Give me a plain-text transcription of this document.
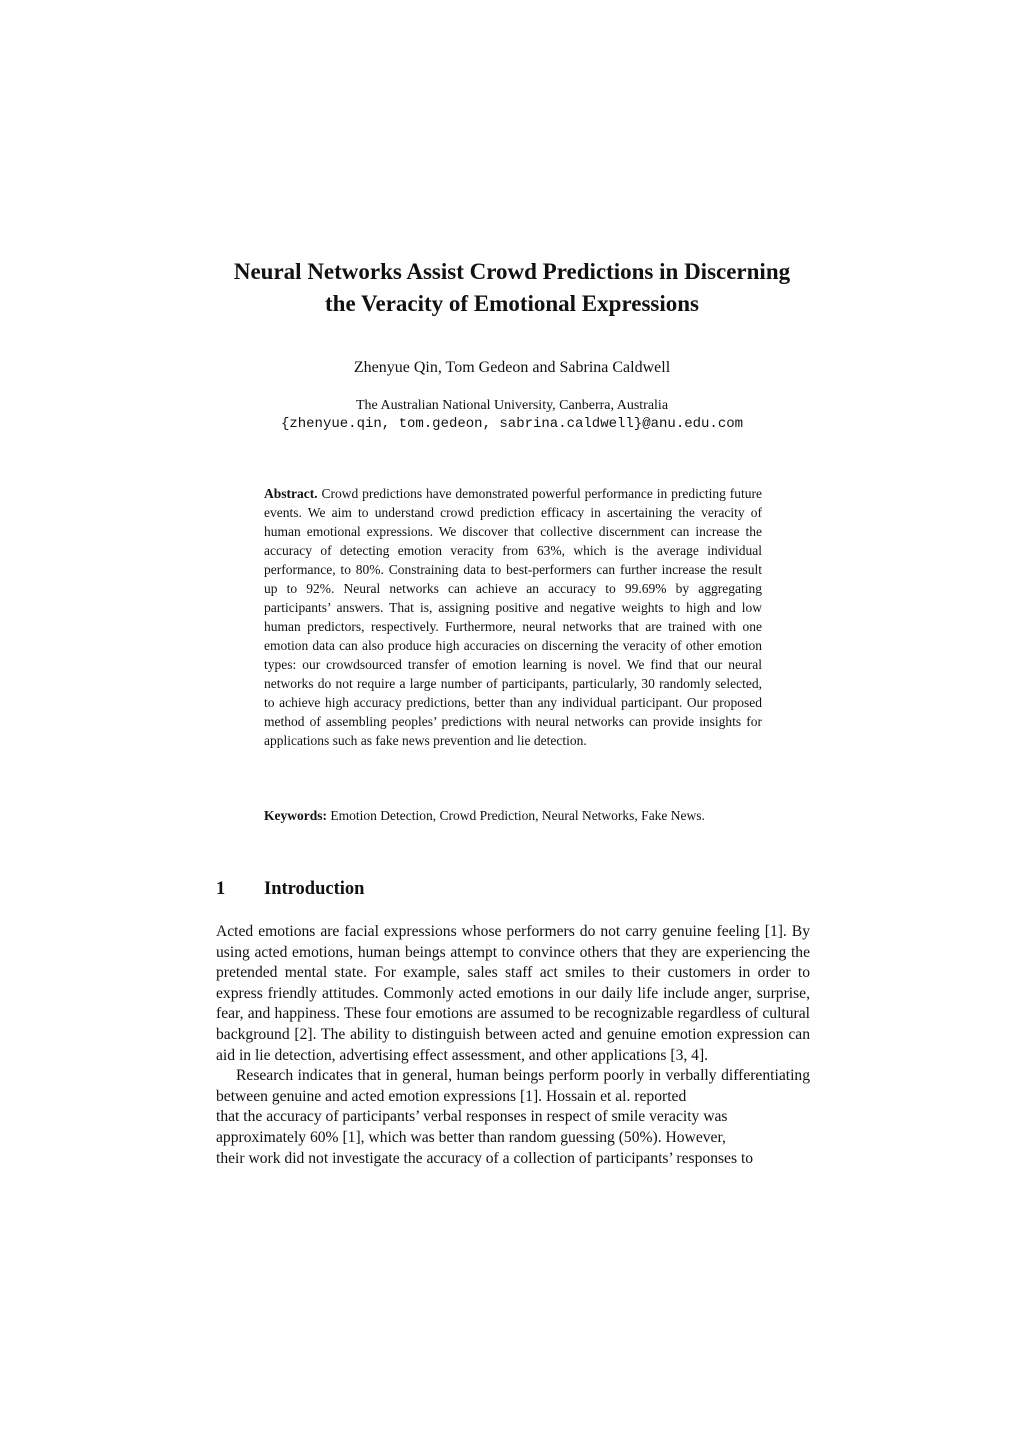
Neural Networks Assist Crowd Predictions in Discerning
the Veracity of Emotional Expressions
Zhenyue Qin, Tom Gedeon and Sabrina Caldwell
The Australian National University, Canberra, Australia
{zhenyue.qin, tom.gedeon, sabrina.caldwell}@anu.edu.com

Abstract. Crowd predictions have demonstrated powerful performance in predicting future events. We aim to understand crowd prediction efficacy in ascertaining the veracity of human emotional expressions. We discover that collective discernment can increase the accuracy of detecting emotion veracity from 63%, which is the average individual performance, to 80%. Constraining data to best-performers can further increase the result up to 92%. Neural networks can achieve an accuracy to 99.69% by aggregating participants’ answers. That is, assigning positive and negative weights to high and low human predictors, respectively. Furthermore, neural networks that are trained with one emotion data can also produce high accuracies on discerning the veracity of other emotion types: our crowdsourced transfer of emotion learning is novel. We find that our neural networks do not require a large number of participants, particularly, 30 randomly selected, to achieve high accuracy predictions, better than any individual participant. Our proposed method of assembling peoples’ predictions with neural networks can provide insights for applications such as fake news prevention and lie detection.

Keywords: Emotion Detection, Crowd Prediction, Neural Networks, Fake News.
1 Introduction

Acted emotions are facial expressions whose performers do not carry genuine feeling [1]. By using acted emotions, human beings attempt to convince others that they are experiencing the pretended mental state. For example, sales staff act smiles to their customers in order to express friendly attitudes. Commonly acted emotions in our daily life include anger, surprise, fear, and happiness. These four emotions are assumed to be recognizable regardless of cultural background [2]. The ability to distinguish between acted and genuine emotion expression can aid in lie detection, advertising effect assessment, and other applications [3, 4].

Research indicates that in general, human beings perform poorly in verbally differentiating between genuine and acted emotion expressions [1]. Hossain et al. reported

that the accuracy of participants’ verbal responses in respect of smile veracity was

approximately 60% [1], which was better than random guessing (50%). However,

their work did not investigate the accuracy of a collection of participants’ responses to
